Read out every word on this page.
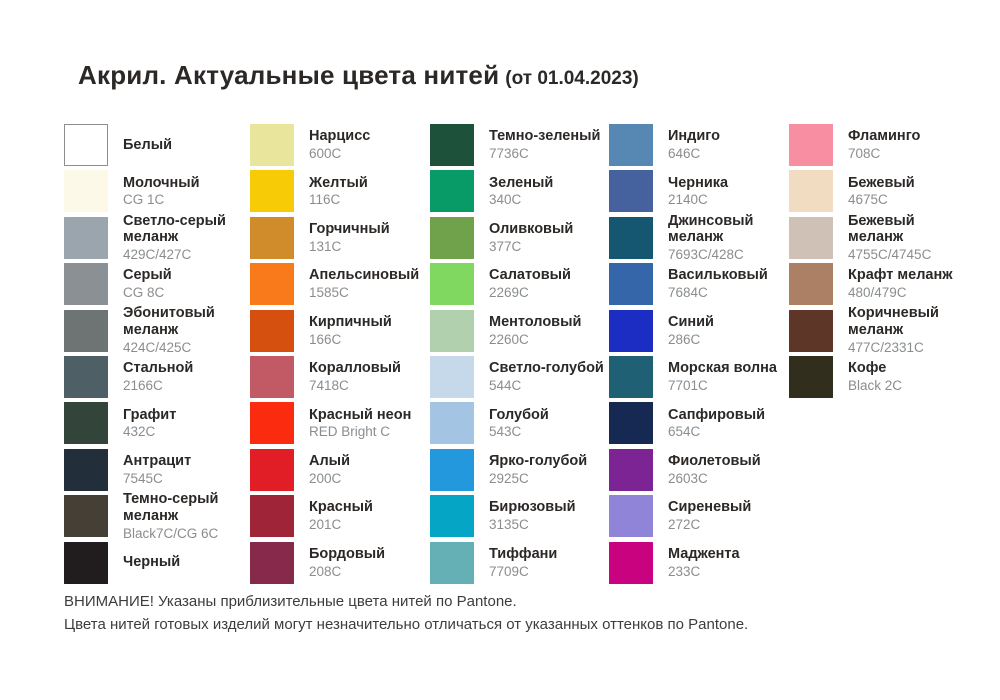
Акрил. Актуальные цвета нитей (от 01.04.2023)
Белый
Молочный
CG 1C
Светло-серый меланж
429C/427C
Серый
CG 8C
Эбонитовый меланж
424C/425C
Стальной
2166C
Графит
432C
Антрацит
7545C
Темно-серый меланж
Black7C/CG 6C
Черный
Нарцисс
600C
Желтый
116C
Горчичный
131C
Апельсиновый
1585C
Кирпичный
166C
Коралловый
7418C
Красный неон
RED Bright C
Алый
200C
Красный
201C
Бордовый
208C
Темно-зеленый
7736C
Зеленый
340C
Оливковый
377C
Салатовый
2269C
Ментоловый
2260C
Светло-голубой
544C
Голубой
543C
Ярко-голубой
2925C
Бирюзовый
3135C
Тиффани
7709C
Индиго
646C
Черника
2140C
Джинсовый меланж
7693C/428C
Васильковый
7684C
Синий
286C
Морская волна
7701C
Сапфировый
654C
Фиолетовый
2603C
Сиреневый
272C
Маджента
233C
Фламинго
708C
Бежевый
4675C
Бежевый меланж
4755C/4745C
Крафт меланж
480/479C
Коричневый меланж
477C/2331C
Кофе
Black 2C
ВНИМАНИЕ! Указаны приблизительные цвета нитей по Pantone.
Цвета нитей готовых изделий могут незначительно отличаться от указанных оттенков по Pantone.
